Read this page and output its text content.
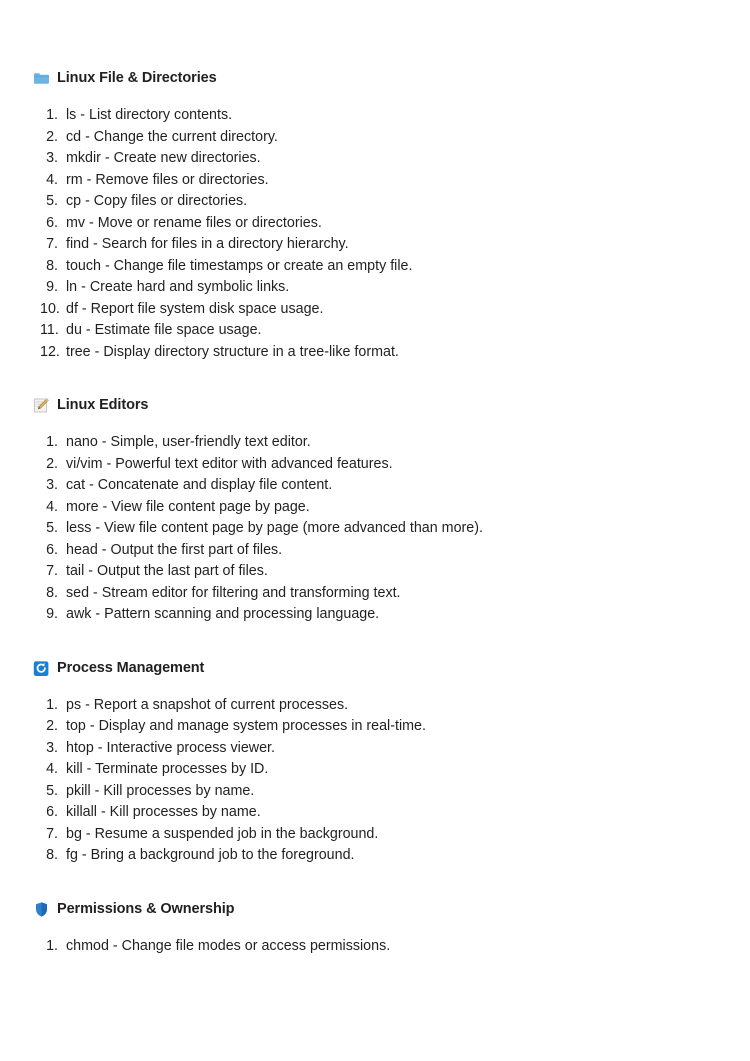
Linux File & Directories
1. ls - List directory contents.
2. cd - Change the current directory.
3. mkdir - Create new directories.
4. rm - Remove files or directories.
5. cp - Copy files or directories.
6. mv - Move or rename files or directories.
7. find - Search for files in a directory hierarchy.
8. touch - Change file timestamps or create an empty file.
9. ln - Create hard and symbolic links.
10. df - Report file system disk space usage.
11. du - Estimate file space usage.
12. tree - Display directory structure in a tree-like format.
Linux Editors
1. nano - Simple, user-friendly text editor.
2. vi/vim - Powerful text editor with advanced features.
3. cat - Concatenate and display file content.
4. more - View file content page by page.
5. less - View file content page by page (more advanced than more).
6. head - Output the first part of files.
7. tail - Output the last part of files.
8. sed - Stream editor for filtering and transforming text.
9. awk - Pattern scanning and processing language.
Process Management
1. ps - Report a snapshot of current processes.
2. top - Display and manage system processes in real-time.
3. htop - Interactive process viewer.
4. kill - Terminate processes by ID.
5. pkill - Kill processes by name.
6. killall - Kill processes by name.
7. bg - Resume a suspended job in the background.
8. fg - Bring a background job to the foreground.
Permissions & Ownership
1. chmod - Change file modes or access permissions.
